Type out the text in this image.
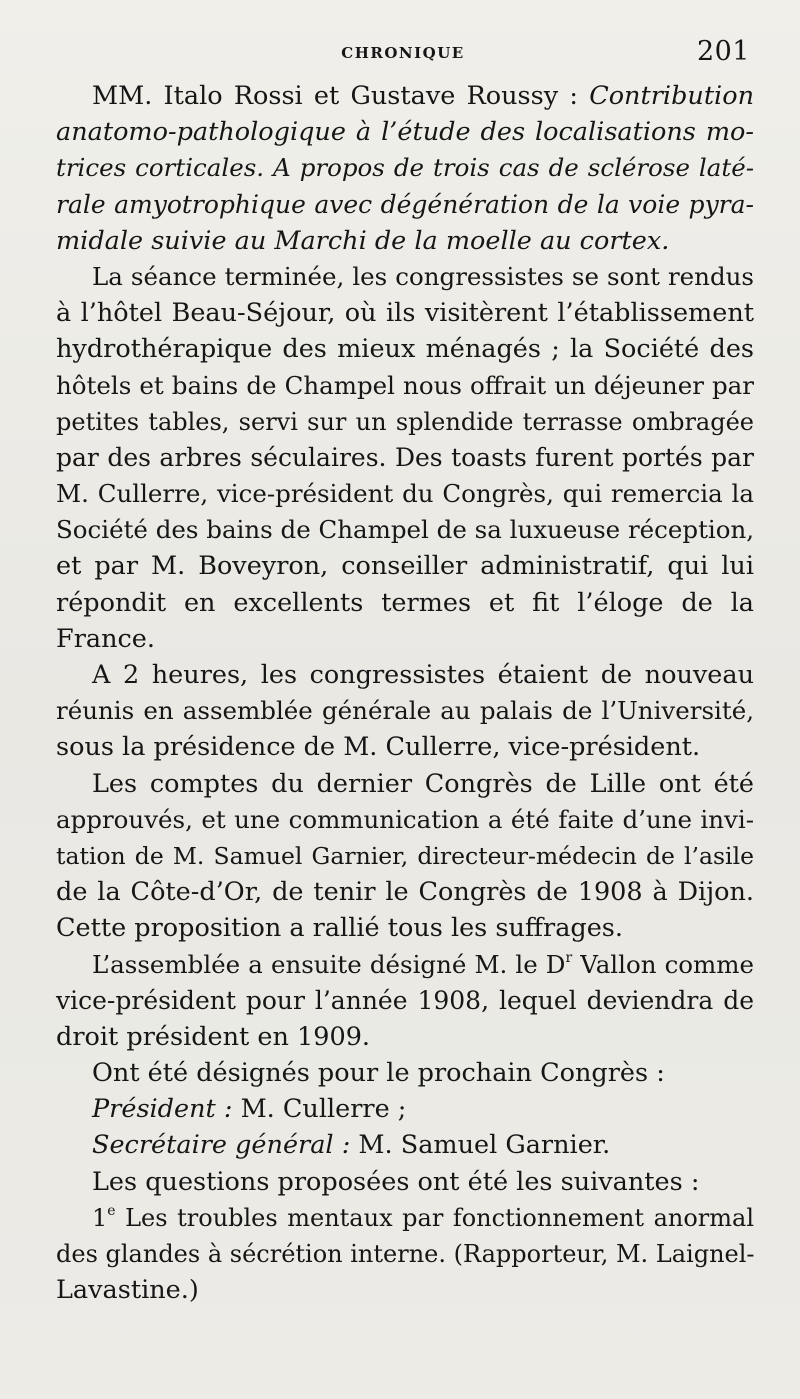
CHRONIQUE	201
MM. Italo Rossi et Gustave Roussy : Contribution
anatomo-pathologique à l’étude des localisations mo-
trices corticales. A propos de trois cas de sclérose laté-
rale amyotrophique avec dégénération de la voie pyra-
midale suivie au Marchi de la moelle au cortex.
La séance terminée, les congressistes se sont rendus
à l’hôtel Beau-Séjour, où ils visitèrent l’établissement
hydrothérapique des mieux ménagés ; la Société des
hôtels et bains de Champel nous offrait un déjeuner par
petites tables, servi sur un splendide terrasse ombragée
par des arbres séculaires. Des toasts furent portés par
M. Cullerre, vice-président du Congrès, qui remercia la
Société des bains de Champel de sa luxueuse réception,
et par M. Boveyron, conseiller administratif, qui lui
répondit en excellents termes et fit l’éloge de la
France.
A 2 heures, les congressistes étaient de nouveau
réunis en assemblée générale au palais de l’Université,
sous la présidence de M. Cullerre, vice-président.
Les comptes du dernier Congrès de Lille ont été
approuvés, et une communication a été faite d’une invi-
tation de M. Samuel Garnier, directeur-médecin de l’asile
de la Côte-d’Or, de tenir le Congrès de 1908 à Dijon.
Cette proposition a rallié tous les suffrages.
L’assemblée a ensuite désigné M. le $D^r$ Vallon comme
vice-président pour l’année 1908, lequel deviendra de
droit président en 1909.
Ont été désignés pour le prochain Congrès :
Président : M. Cullerre ;
Secrétaire général : M. Samuel Garnier.
Les questions proposées ont été les suivantes :
1e Les troubles mentaux par fonctionnement anormal
des glandes à sécrétion interne. (Rapporteur, M. Laignel-
Lavastine.)
